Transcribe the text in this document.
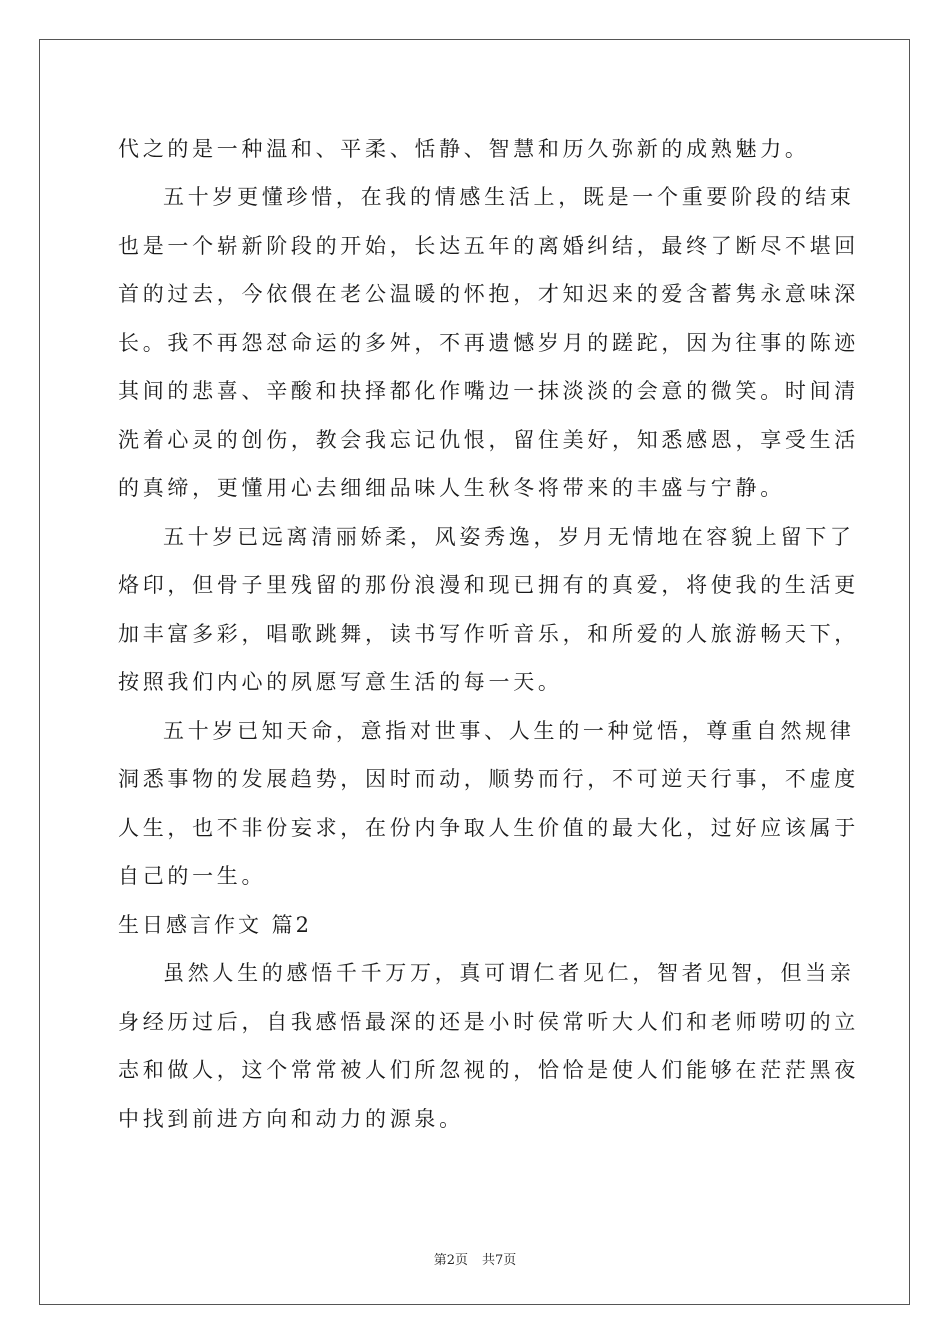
代之的是一种温和、平柔、恬静、智慧和历久弥新的成熟魅力。
五十岁更懂珍惜，在我的情感生活上，既是一个重要阶段的结束
也是一个崭新阶段的开始，长达五年的离婚纠结，最终了断尽不堪回
首的过去，今依偎在老公温暖的怀抱，才知迟来的爱含蓄隽永意味深
长。我不再怨怼命运的多舛，不再遗憾岁月的蹉跎，因为往事的陈迹
其间的悲喜、辛酸和抉择都化作嘴边一抹淡淡的会意的微笑。时间清
洗着心灵的创伤，教会我忘记仇恨，留住美好，知悉感恩，享受生活
的真缔，更懂用心去细细品味人生秋冬将带来的丰盛与宁静。
五十岁已远离清丽娇柔，风姿秀逸，岁月无情地在容貌上留下了
烙印，但骨子里残留的那份浪漫和现已拥有的真爱，将使我的生活更
加丰富多彩，唱歌跳舞，读书写作听音乐，和所爱的人旅游畅天下，
按照我们内心的夙愿写意生活的每一天。
五十岁已知天命，意指对世事、人生的一种觉悟，尊重自然规律
洞悉事物的发展趋势，因时而动，顺势而行，不可逆天行事，不虚度
人生，也不非份妄求，在份内争取人生价值的最大化，过好应该属于
自己的一生。
生日感言作文 篇2
虽然人生的感悟千千万万，真可谓仁者见仁，智者见智，但当亲
身经历过后，自我感悟最深的还是小时侯常听大人们和老师唠叨的立
志和做人，这个常常被人们所忽视的，恰恰是使人们能够在茫茫黑夜
中找到前进方向和动力的源泉。
第2页 共7页
